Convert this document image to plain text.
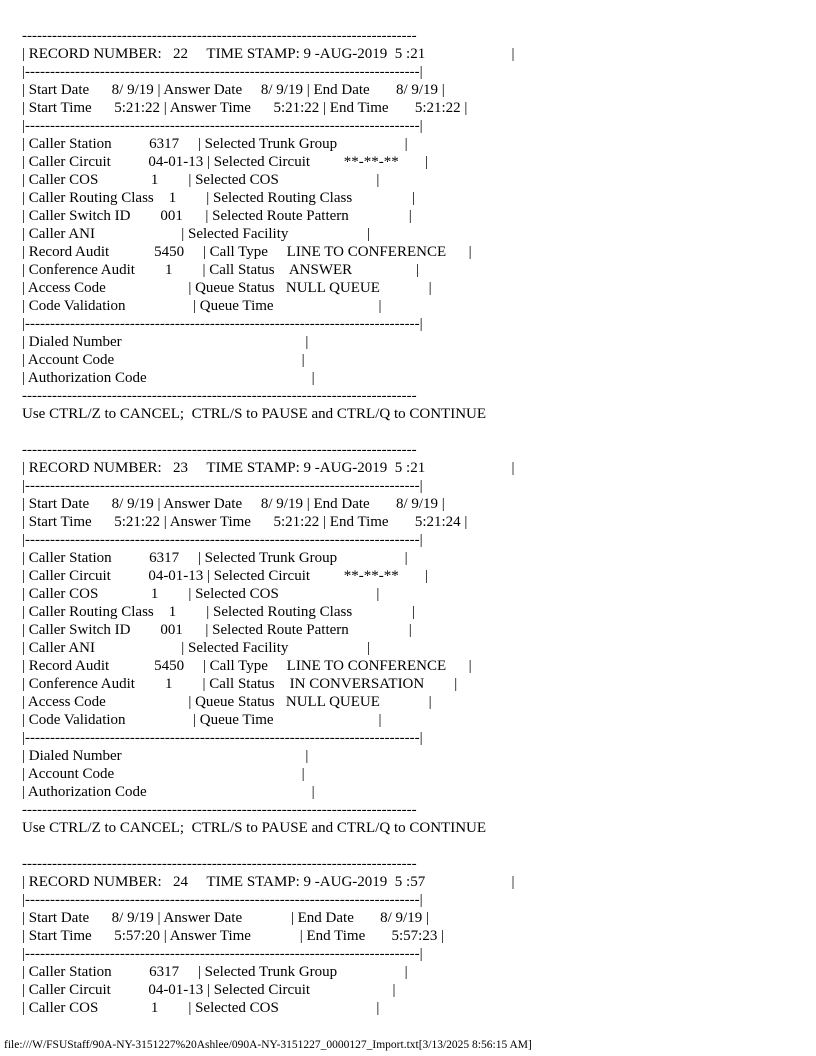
-------------------------------------------------------------------------------

| RECORD NUMBER:   22     TIME STAMP: 9 -AUG-2019  5 :21                       |

|-------------------------------------------------------------------------------|

| Start Date      8/ 9/19 | Answer Date     8/ 9/19 | End Date       8/ 9/19 |

| Start Time      5:21:22 | Answer Time      5:21:22 | End Time       5:21:22 |

|-------------------------------------------------------------------------------|

| Caller Station          6317     | Selected Trunk Group                  |

| Caller Circuit          04-01-13 | Selected Circuit         **-**-**       |

| Caller COS              1        | Selected COS                          |

| Caller Routing Class    1        | Selected Routing Class                |

| Caller Switch ID        001      | Selected Route Pattern                |

| Caller ANI                       | Selected Facility                     |

| Record Audit            5450     | Call Type     LINE TO CONFERENCE      |

| Conference Audit        1        | Call Status    ANSWER                 |

| Access Code                      | Queue Status   NULL QUEUE             |

| Code Validation                  | Queue Time                            |

|-------------------------------------------------------------------------------|

| Dialed Number                                                 |

| Account Code                                                  |

| Authorization Code                                            |

-------------------------------------------------------------------------------

Use CTRL/Z to CANCEL;  CTRL/S to PAUSE and CTRL/Q to CONTINUE

-------------------------------------------------------------------------------

| RECORD NUMBER:   23     TIME STAMP: 9 -AUG-2019  5 :21                       |

|-------------------------------------------------------------------------------|

| Start Date      8/ 9/19 | Answer Date     8/ 9/19 | End Date       8/ 9/19 |

| Start Time      5:21:22 | Answer Time      5:21:22 | End Time       5:21:24 |

|-------------------------------------------------------------------------------|

| Caller Station          6317     | Selected Trunk Group                  |

| Caller Circuit          04-01-13 | Selected Circuit         **-**-**       |

| Caller COS              1        | Selected COS                          |

| Caller Routing Class    1        | Selected Routing Class                |

| Caller Switch ID        001      | Selected Route Pattern                |

| Caller ANI                       | Selected Facility                     |

| Record Audit            5450     | Call Type     LINE TO CONFERENCE      |

| Conference Audit        1        | Call Status    IN CONVERSATION        |

| Access Code                      | Queue Status   NULL QUEUE             |

| Code Validation                  | Queue Time                            |

|-------------------------------------------------------------------------------|

| Dialed Number                                                 |

| Account Code                                                  |

| Authorization Code                                            |

-------------------------------------------------------------------------------

Use CTRL/Z to CANCEL;  CTRL/S to PAUSE and CTRL/Q to CONTINUE

-------------------------------------------------------------------------------

| RECORD NUMBER:   24     TIME STAMP: 9 -AUG-2019  5 :57                       |

|-------------------------------------------------------------------------------|

| Start Date      8/ 9/19 | Answer Date             | End Date       8/ 9/19 |

| Start Time      5:57:20 | Answer Time             | End Time       5:57:23 |

|-------------------------------------------------------------------------------|

| Caller Station          6317     | Selected Trunk Group                  |

| Caller Circuit          04-01-13 | Selected Circuit                      |

| Caller COS              1        | Selected COS                          |

file:///W/FSUStaff/90A-NY-3151227%20Ashlee/090A-NY-3151227_0000127_Import.txt[3/13/2025 8:56:15 AM]
